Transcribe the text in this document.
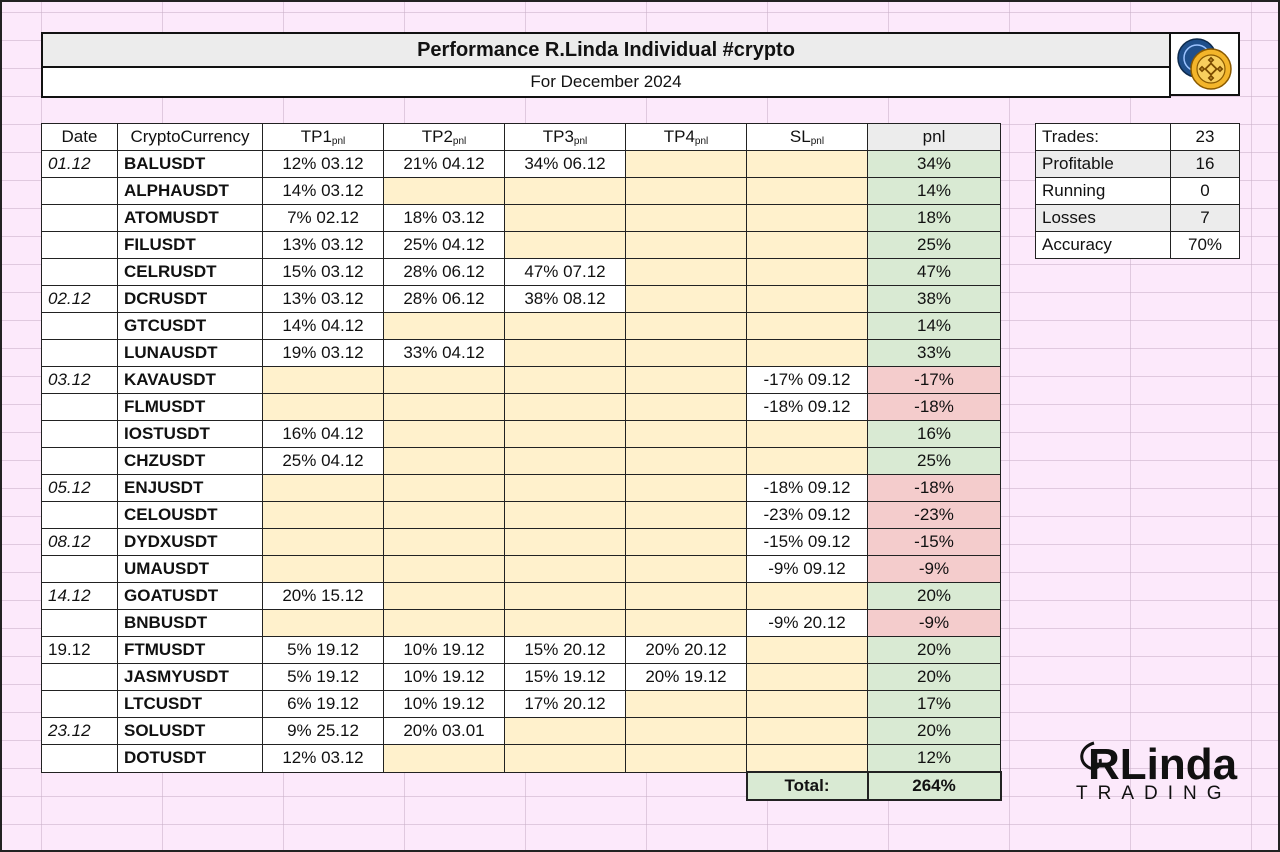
Performance R.Linda Individual #crypto
For December 2024
Date	CryptoCurrency	$TP1_{pnl}$	$TP2_{pnl}$	$TP3_{pnl}$	$TP4_{pnl}$	$SL_{pnl}$	pnl
01.12	BALUSDT	12% 03.12	21% 04.12	34% 06.12			34%
	ALPHAUSDT	14% 03.12					14%
	ATOMUSDT	7% 02.12	18% 03.12				18%
	FILUSDT	13% 03.12	25% 04.12				25%
	CELRUSDT	15% 03.12	28% 06.12	47% 07.12			47%
02.12	DCRUSDT	13% 03.12	28% 06.12	38% 08.12			38%
	GTCUSDT	14% 04.12					14%
	LUNAUSDT	19% 03.12	33% 04.12				33%
03.12	KAVAUSDT					-17% 09.12	-17%
	FLMUSDT					-18% 09.12	-18%
	IOSTUSDT	16% 04.12					16%
	CHZUSDT	25% 04.12					25%
05.12	ENJUSDT					-18% 09.12	-18%
	CELOUSDT					-23% 09.12	-23%
08.12	DYDXUSDT					-15% 09.12	-15%
	UMAUSDT					-9% 09.12	-9%
14.12	GOATUSDT	20% 15.12					20%
	BNBUSDT					-9% 20.12	-9%
19.12	FTMUSDT	5% 19.12	10% 19.12	15% 20.12	20% 20.12		20%
	JASMYUSDT	5% 19.12	10% 19.12	15% 19.12	20% 19.12		20%
	LTCUSDT	6% 19.12	10% 19.12	17% 20.12			17%
23.12	SOLUSDT	9% 25.12	20% 03.01				20%
	DOTUSDT	12% 03.12					12%
						Total:	264%
Trades:	23
Profitable	16
Running	0
Losses	7
Accuracy	70%
RLinda
TRADING
